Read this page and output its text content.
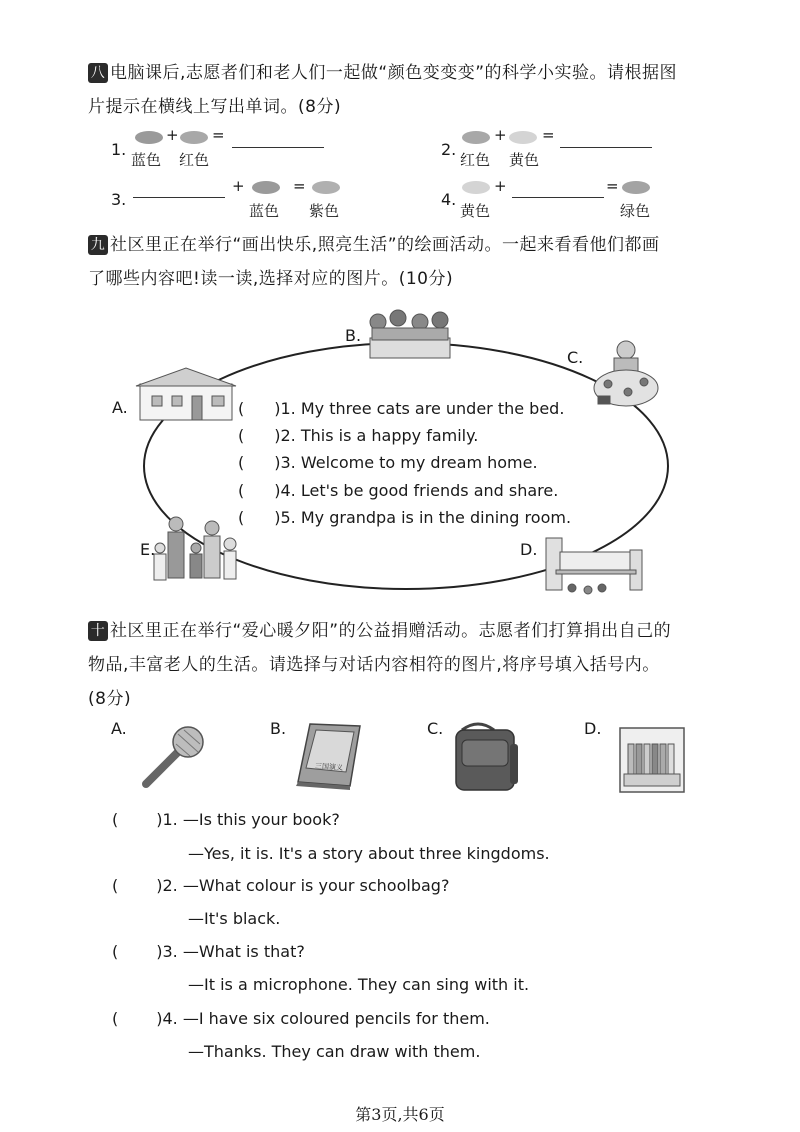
八 电脑课后,志愿者们和老人们一起做“颜色变变变”的科学小实验。请根据图
片提示在横线上写出单词。(8分)
1.
+ =
蓝色 红色
2.
+ =
红色 黄色
3.
+	=
蓝色 紫色
4.
+	=
黄色	绿色
九 社区里正在举行“画出快乐,照亮生活”的绘画活动。一起来看看他们都画
了哪些内容吧!读一读,选择对应的图片。(10分)
A.
B.
C.
D.
E.
( )1. My three cats are under the bed.
( )2. This is a happy family.
( )3. Welcome to my dream home.
( )4. Let's be good friends and share.
( )5. My grandpa is in the dining room.
十 社区里正在举行“爱心暖夕阳”的公益捐赠活动。志愿者们打算捐出自己的
物品,丰富老人的生活。请选择与对话内容相符的图片,将序号填入括号内。
(8分)
A.	B.	C.	D.
三国演义
( )1. —Is this your book?
—Yes, it is. It's a story about three kingdoms.
( )2. —What colour is your schoolbag?
—It's black.
( )3. —What is that?
—It is a microphone. They can sing with it.
( )4. —I have six coloured pencils for them.
—Thanks. They can draw with them.
第3页,共6页
